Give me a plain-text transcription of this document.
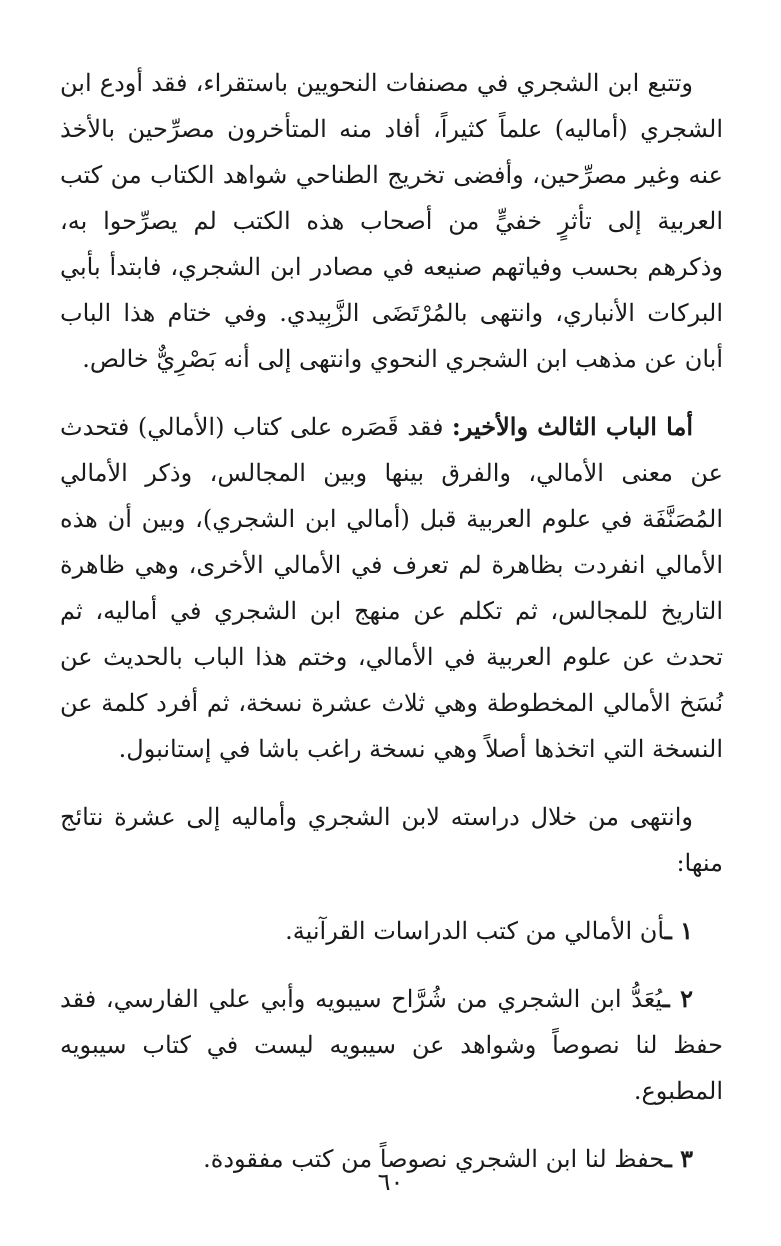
وتتبع ابن الشجري في مصنفات النحويين باستقراء، فقد أودع ابن الشجري (أماليه) علماً كثيراً، أفاد منه المتأخرون مصرِّحين بالأخذ عنه وغير مصرِّحين، وأفضى تخريج الطناحي شواهد الكتاب من كتب العربية إلى تأثرٍ خفيٍّ من أصحاب هذه الكتب لم يصرِّحوا به، وذكرهم بحسب وفياتهم صنيعه في مصادر ابن الشجري، فابتدأ بأبي البركات الأنباري، وانتهى بالمُرْتَضَى الزَّبِيدي. وفي ختام هذا الباب أبان عن مذهب ابن الشجري النحوي وانتهى إلى أنه بَصْرِيٌّ خالص.

أما الباب الثالث والأخير: فقد قَصَره على كتاب (الأمالي) فتحدث عن معنى الأمالي، والفرق بينها وبين المجالس، وذكر الأمالي المُصَنَّفَة في علوم العربية قبل (أمالي ابن الشجري)، وبين أن هذه الأمالي انفردت بظاهرة لم تعرف في الأمالي الأخرى، وهي ظاهرة التاريخ للمجالس، ثم تكلم عن منهج ابن الشجري في أماليه، ثم تحدث عن علوم العربية في الأمالي، وختم هذا الباب بالحديث عن نُسَخ الأمالي المخطوطة وهي ثلاث عشرة نسخة، ثم أفرد كلمة عن النسخة التي اتخذها أصلاً وهي نسخة راغب باشا في إستانبول.

وانتهى من خلال دراسته لابن الشجري وأماليه إلى عشرة نتائج منها:

١ ـأن الأمالي من كتب الدراسات القرآنية.
٢ ـيُعَدُّ ابن الشجري من شُرَّاح سيبويه وأبي علي الفارسي، فقد حفظ لنا نصوصاً وشواهد عن سيبويه ليست في كتاب سيبويه المطبوع.
٣ ـحفظ لنا ابن الشجري نصوصاً من كتب مفقودة.
٦٠
